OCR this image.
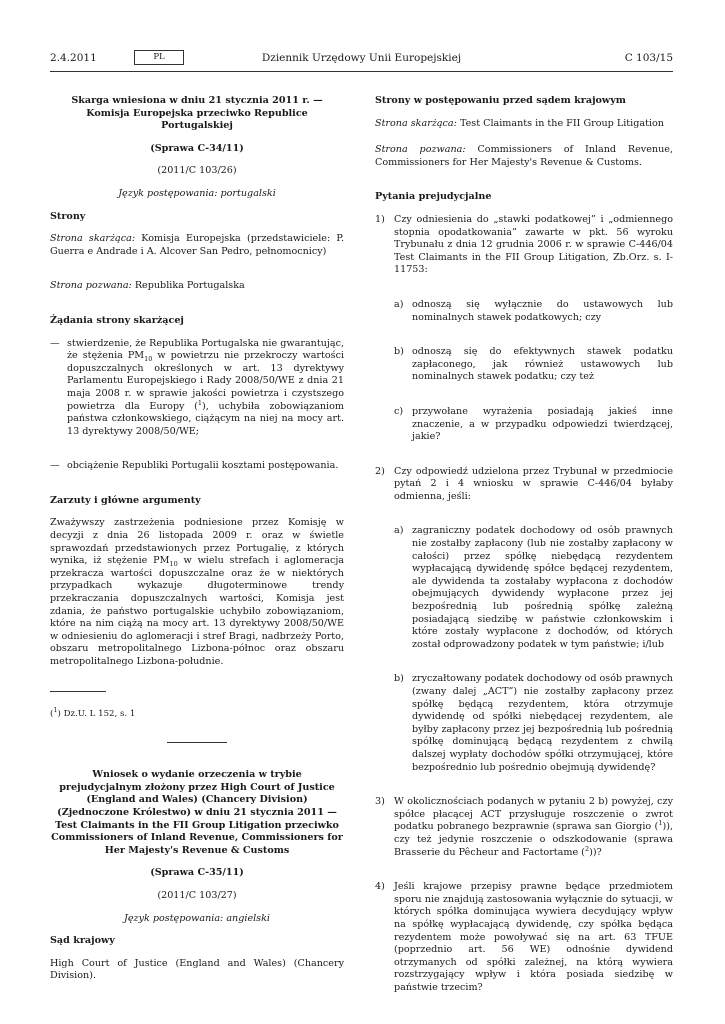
2.4.2011	PL	Dziennik Urzędowy Unii Europejskiej	C 103/15

Skarga wniesiona w dniu 21 stycznia 2011 r. — Komisja Europejska przeciwko Republice Portugalskiej

(Sprawa C-34/11)

(2011/C 103/26)

Język postępowania: portugalski

Strony

Strona skarżąca: Komisja Europejska (przedstawiciele: P. Guerra e Andrade i A. Alcover San Pedro, pełnomocnicy)

Strona pozwana: Republika Portugalska

Żądania strony skarżącej

— stwierdzenie, że Republika Portugalska nie gwarantując, że stężenia $PM_{10}$ w powietrzu nie przekroczy wartości dopuszczalnych określonych w art. 13 dyrektywy Parlamentu Europejskiego i Rady 2008/50/WE z dnia 21 maja 2008 r. w sprawie jakości powietrza i czystszego powietrza dla Europy ($^1$), uchybiła zobowiązaniom państwa członkowskiego, ciążącym na niej na mocy art. 13 dyrektywy 2008/50/WE;
— obciążenie Republiki Portugalii kosztami postępowania.

Zarzuty i główne argumenty

Zważywszy zastrzeżenia podniesione przez Komisję w decyzji z dnia 26 listopada 2009 r. oraz w świetle sprawozdań przedstawionych przez Portugalię, z których wynika, iż stężenie $PM_{10}$ w wielu strefach i aglomeracja przekracza wartości dopuszczalne oraz że w niektórych przypadkach wykazuje długoterminowe trendy przekraczania dopuszczalnych wartości, Komisja jest zdania, że państwo portugalskie uchybiło zobowiązaniom, które na nim ciążą na mocy art. 13 dyrektywy 2008/50/WE w odniesieniu do aglomeracji i stref Bragi, nadbrzeży Porto, obszaru metropolitalnego Lizbona-północ oraz obszaru metropolitalnego Lizbona-południe.

($^1$) Dz.U. L 152, s. 1

Wniosek o wydanie orzeczenia w trybie prejudycjalnym złożony przez High Court of Justice (England and Wales) (Chancery Division) (Zjednoczone Królestwo) w dniu 21 stycznia 2011 — Test Claimants in the FII Group Litigation przeciwko Commissioners of Inland Revenue, Commissioners for Her Majesty's Revenue & Customs

(Sprawa C-35/11)

(2011/C 103/27)

Język postępowania: angielski

Sąd krajowy

High Court of Justice (England and Wales) (Chancery Division).

Strony w postępowaniu przed sądem krajowym

Strona skarżąca: Test Claimants in the FII Group Litigation

Strona pozwana: Commissioners of Inland Revenue, Commissioners for Her Majesty's Revenue & Customs.

Pytania prejudycjalne

1) Czy odniesienia do „stawki podatkowej” i „odmiennego stopnia opodatkowania” zawarte w pkt. 56 wyroku Trybunału z dnia 12 grudnia 2006 r. w sprawie C-446/04 Test Claimants in the FII Group Litigation, Zb.Orz. s. I-11753:
a) odnoszą się wyłącznie do ustawowych lub nominalnych stawek podatkowych; czy
b) odnoszą się do efektywnych stawek podatku zapłaconego, jak również ustawowych lub nominalnych stawek podatku; czy też
c) przywołane wyrażenia posiadają jakieś inne znaczenie, a w przypadku odpowiedzi twierdzącej, jakie?
2) Czy odpowiedź udzielona przez Trybunał w przedmiocie pytań 2 i 4 wniosku w sprawie C-446/04 byłaby odmienna, jeśli:
a) zagraniczny podatek dochodowy od osób prawnych nie zostałby zapłacony (lub nie zostałby zapłacony w całości) przez spółkę niebędącą rezydentem wypłacającą dywidendę spółce będącej rezydentem, ale dywidenda ta zostałaby wypłacona z dochodów obejmujących dywidendy wypłacone przez jej bezpośrednią lub pośrednią spółkę zależną posiadającą siedzibę w państwie członkowskim i które zostały wypłacone z dochodów, od których został odprowadzony podatek w tym państwie; i/lub
b) zryczałtowany podatek dochodowy od osób prawnych (zwany dalej „ACT”) nie zostałby zapłacony przez spółkę będącą rezydentem, która otrzymuje dywidendę od spółki niebędącej rezydentem, ale byłby zapłacony przez jej bezpośrednią lub pośrednią spółkę dominującą będącą rezydentem z chwilą dalszej wypłaty dochodów spółki otrzymującej, które bezpośrednio lub pośrednio obejmują dywidendę?
3) W okolicznościach podanych w pytaniu 2 b) powyżej, czy spółce płacącej ACT przysługuje roszczenie o zwrot podatku pobranego bezprawnie (sprawa san Giorgio ($^1$)), czy też jedynie roszczenie o odszkodowanie (sprawa Brasserie du Pêcheur and Factortame ($^2$))?
4) Jeśli krajowe przepisy prawne będące przedmiotem sporu nie znajdują zastosowania wyłącznie do sytuacji, w których spółka dominująca wywiera decydujący wpływ na spółkę wypłacającą dywidendę, czy spółka będąca rezydentem może powoływać się na art. 63 TFUE (poprzednio art. 56 WE) odnośnie dywidend otrzymanych od spółki zależnej, na którą wywiera rozstrzygający wpływ i która posiada siedzibę w państwie trzecim?
